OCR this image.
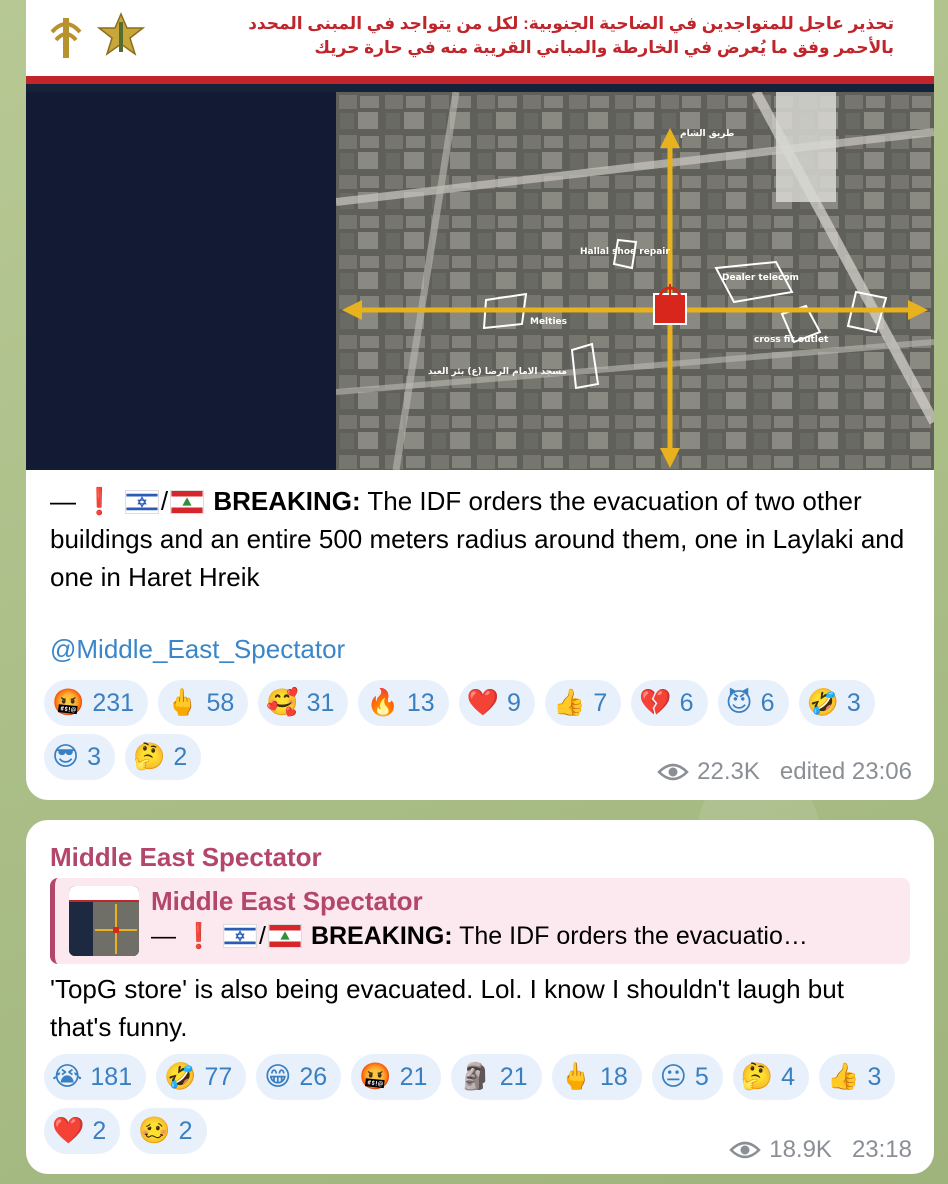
تحذير عاجل للمتواجدين في الضاحية الجنوبية: لكل من يتواجد في المبنى المحدد
بالأحمر وفق ما يُعرض في الخارطة والمباني القريبة منه في حارة حريك
Hallal shoe repair
Dealer telecom
Melties
cross fit outlet
مسجد الامام الرضا (ع) بئر العبد
طريق الشام
— ❗ / BREAKING: The IDF orders the evacuation of two other buildings and an entire 500 meters radius around them, one in Laylaki and one in Haret Hreik
@Middle_East_Spectator
🤬 231 🖕 58 🥰 31 🔥 13 ❤️ 9 👍 7 💔 6 😈 6 🤣 3
😎 3 🤔 2
22.3K edited 23:06
Middle East Spectator
Middle East Spectator
— ❗ / BREAKING: The IDF orders the evacuatio…
'TopG store' is also being evacuated. Lol. I know I shouldn't laugh but that's funny.
😭 181 🤣 77 😁 26 🤬 21 🗿 21 🖕 18 😐 5 🤔 4 👍 3
❤️ 2 🥴 2
18.9K 23:18
